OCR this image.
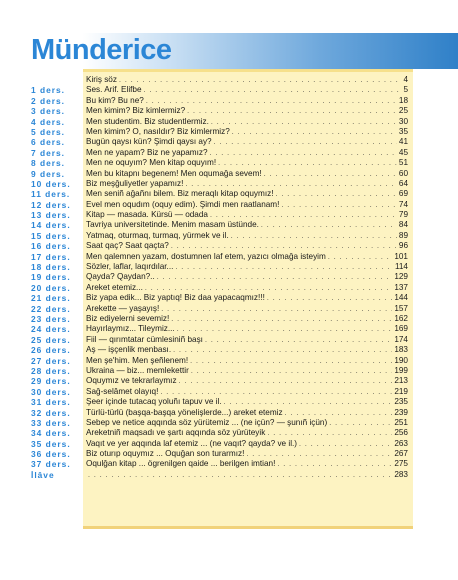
Münderice
Kiriş söz . . .	4
1 ders.	Ses. Arif. Elifbe . . .	5
2 ders.	Bu kim? Bu ne? . . .	18
3 ders.	Men kimim? Biz kimlermiz? . . .	25
4 ders.	Men studentim. Biz studentlermiz. . . .	30
5 ders.	Men kimim? O, nasıldır? Biz kimlermiz? . . .	35
6 ders.	Bugün qaysı kün? Şimdi qaysı ay? . . .	41
7 ders.	Men ne yapam? Biz ne yapamız? . . .	45
8 ders.	Men ne oquyım? Men kitap oquyım! . . .	51
9 ders.	Men bu kitapnı begenem! Men oqumağa sevem! . . .	60
10 ders.	Biz meşğuliyetler yapamız! . . .	64
11 ders.	Men seniñ ağañnı bilem. Biz meraqlı kitap oquymız! . . .	69
12 ders.	Evel men oqudım (oquy edim). Şimdi men raatlanam! . . .	74
13 ders.	Kitap — masada. Kürsü — odada . . .	79
14 ders.	Tavriya universitetinde. Menim masam üstünde. . . .	84
15 ders.	Yatmaq, oturmaq, turmaq, yürmek ve il. . . .	89
16 ders.	Saat qaç? Saat qaçta? . . .	96
17 ders.	Men qalemnen yazam, dostumnen laf etem, yazıcı olmağa isteyim . . .	101
18 ders.	Sözler, laflar, laqırdılar... . . .	114
19 ders.	Qayda? Qaydan?.. . . .	129
20 ders.	Areket etemiz... . . .	137
21 ders.	Biz yapa edik... Biz yaptıq! Biz daa yapacaqmız!!! . . .	144
22 ders.	Arekette — yaşayış! . . .	157
23 ders.	Biz ediyelerni sevemiz! . . .	162
24 ders.	Hayırlaymız... Tileymiz... . . .	169
25 ders.	Fiil — qırımtatar cümlesiniñ başı . . .	174
26 ders.	Aş — işçenlik menbası. . . .	183
27 ders.	Men şe'him. Men şeñlenem! . . .	190
28 ders.	Ukraina — biz... memlekettir . . .	199
29 ders.	Oquymız ve tekrarlaymız . . .	213
30 ders.	Sağ-selâmet olayıq! . . .	219
31 ders.	Şeer içinde tutacaq yoluñı tapuv ve il. . . .	235
32 ders.	Türlü-türlü (başqa-başqa yönelişlerde...) areket etemiz . . .	239
33 ders.	Sebep ve netice aqqında söz yürütemiz ... (ne içün? — şunıñ içün) . . .	251
34 ders.	Areketniñ maqsadı ve şartı aqqında söz yürüteyik . . .	256
35 ders.	Vaqıt ve yer aqqında laf etemiz ... (ne vaqıt? qayda? ve il.) . . .	263
36 ders.	Biz oturıp oquymız ... Oquğan son turarmız! . . .	267
37 ders.	Oqulğan kitap ... ögrenilgen qaide ... berilgen imtian! . . .	275
İlâve . . .	283
